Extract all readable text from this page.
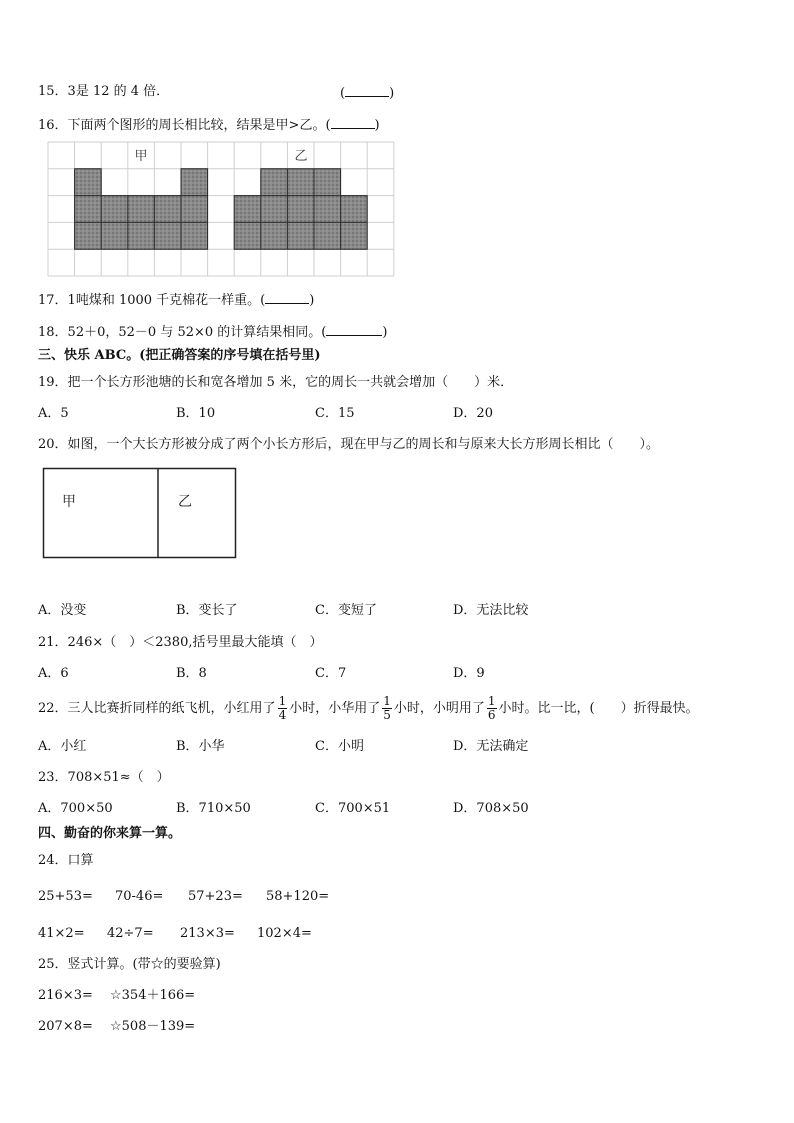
15．3是 12 的 4 倍．	(	)
16．下面两个图形的周长相比较，结果是甲>乙。(	)
甲	乙
17．1吨煤和 1000 千克棉花一样重。(	)
18．52＋0，52－0 与 52×0 的计算结果相同。(	)
三、快乐 ABC。(把正确答案的序号填在括号里)
19．把一个长方形池塘的长和宽各增加 5 米，它的周长一共就会增加（　　）米．
A．5	B．10	C．15	D．20
20．如图，一个大长方形被分成了两个小长方形后，现在甲与乙的周长和与原来大长方形周长相比（　　）。
甲	乙
A．没变	B．变长了	C．变短了	D．无法比较
21．246×（　）＜2380,括号里最大能填（　）
A．6	B．8	C．7	D．9
22．三人比赛折同样的纸飞机，小红用了 $\frac{1}{4}$ 小时，小华用了 $\frac{1}{5}$ 小时，小明用了 $\frac{1}{6}$ 小时。比一比，(　　）折得最快。
A．小红	B．小华	C．小明	D．无法确定
23．708×51≈（　）
A．700×50	B．710×50	C．700×51	D．708×50
四、勤奋的你来算一算。
24．口算
25+53= 70-46= 57+23= 58+120=
41×2= 42÷7= 213×3= 102×4=
25．竖式计算。(带☆的要验算)
216×3= ☆354＋166=
207×8= ☆508－139=
